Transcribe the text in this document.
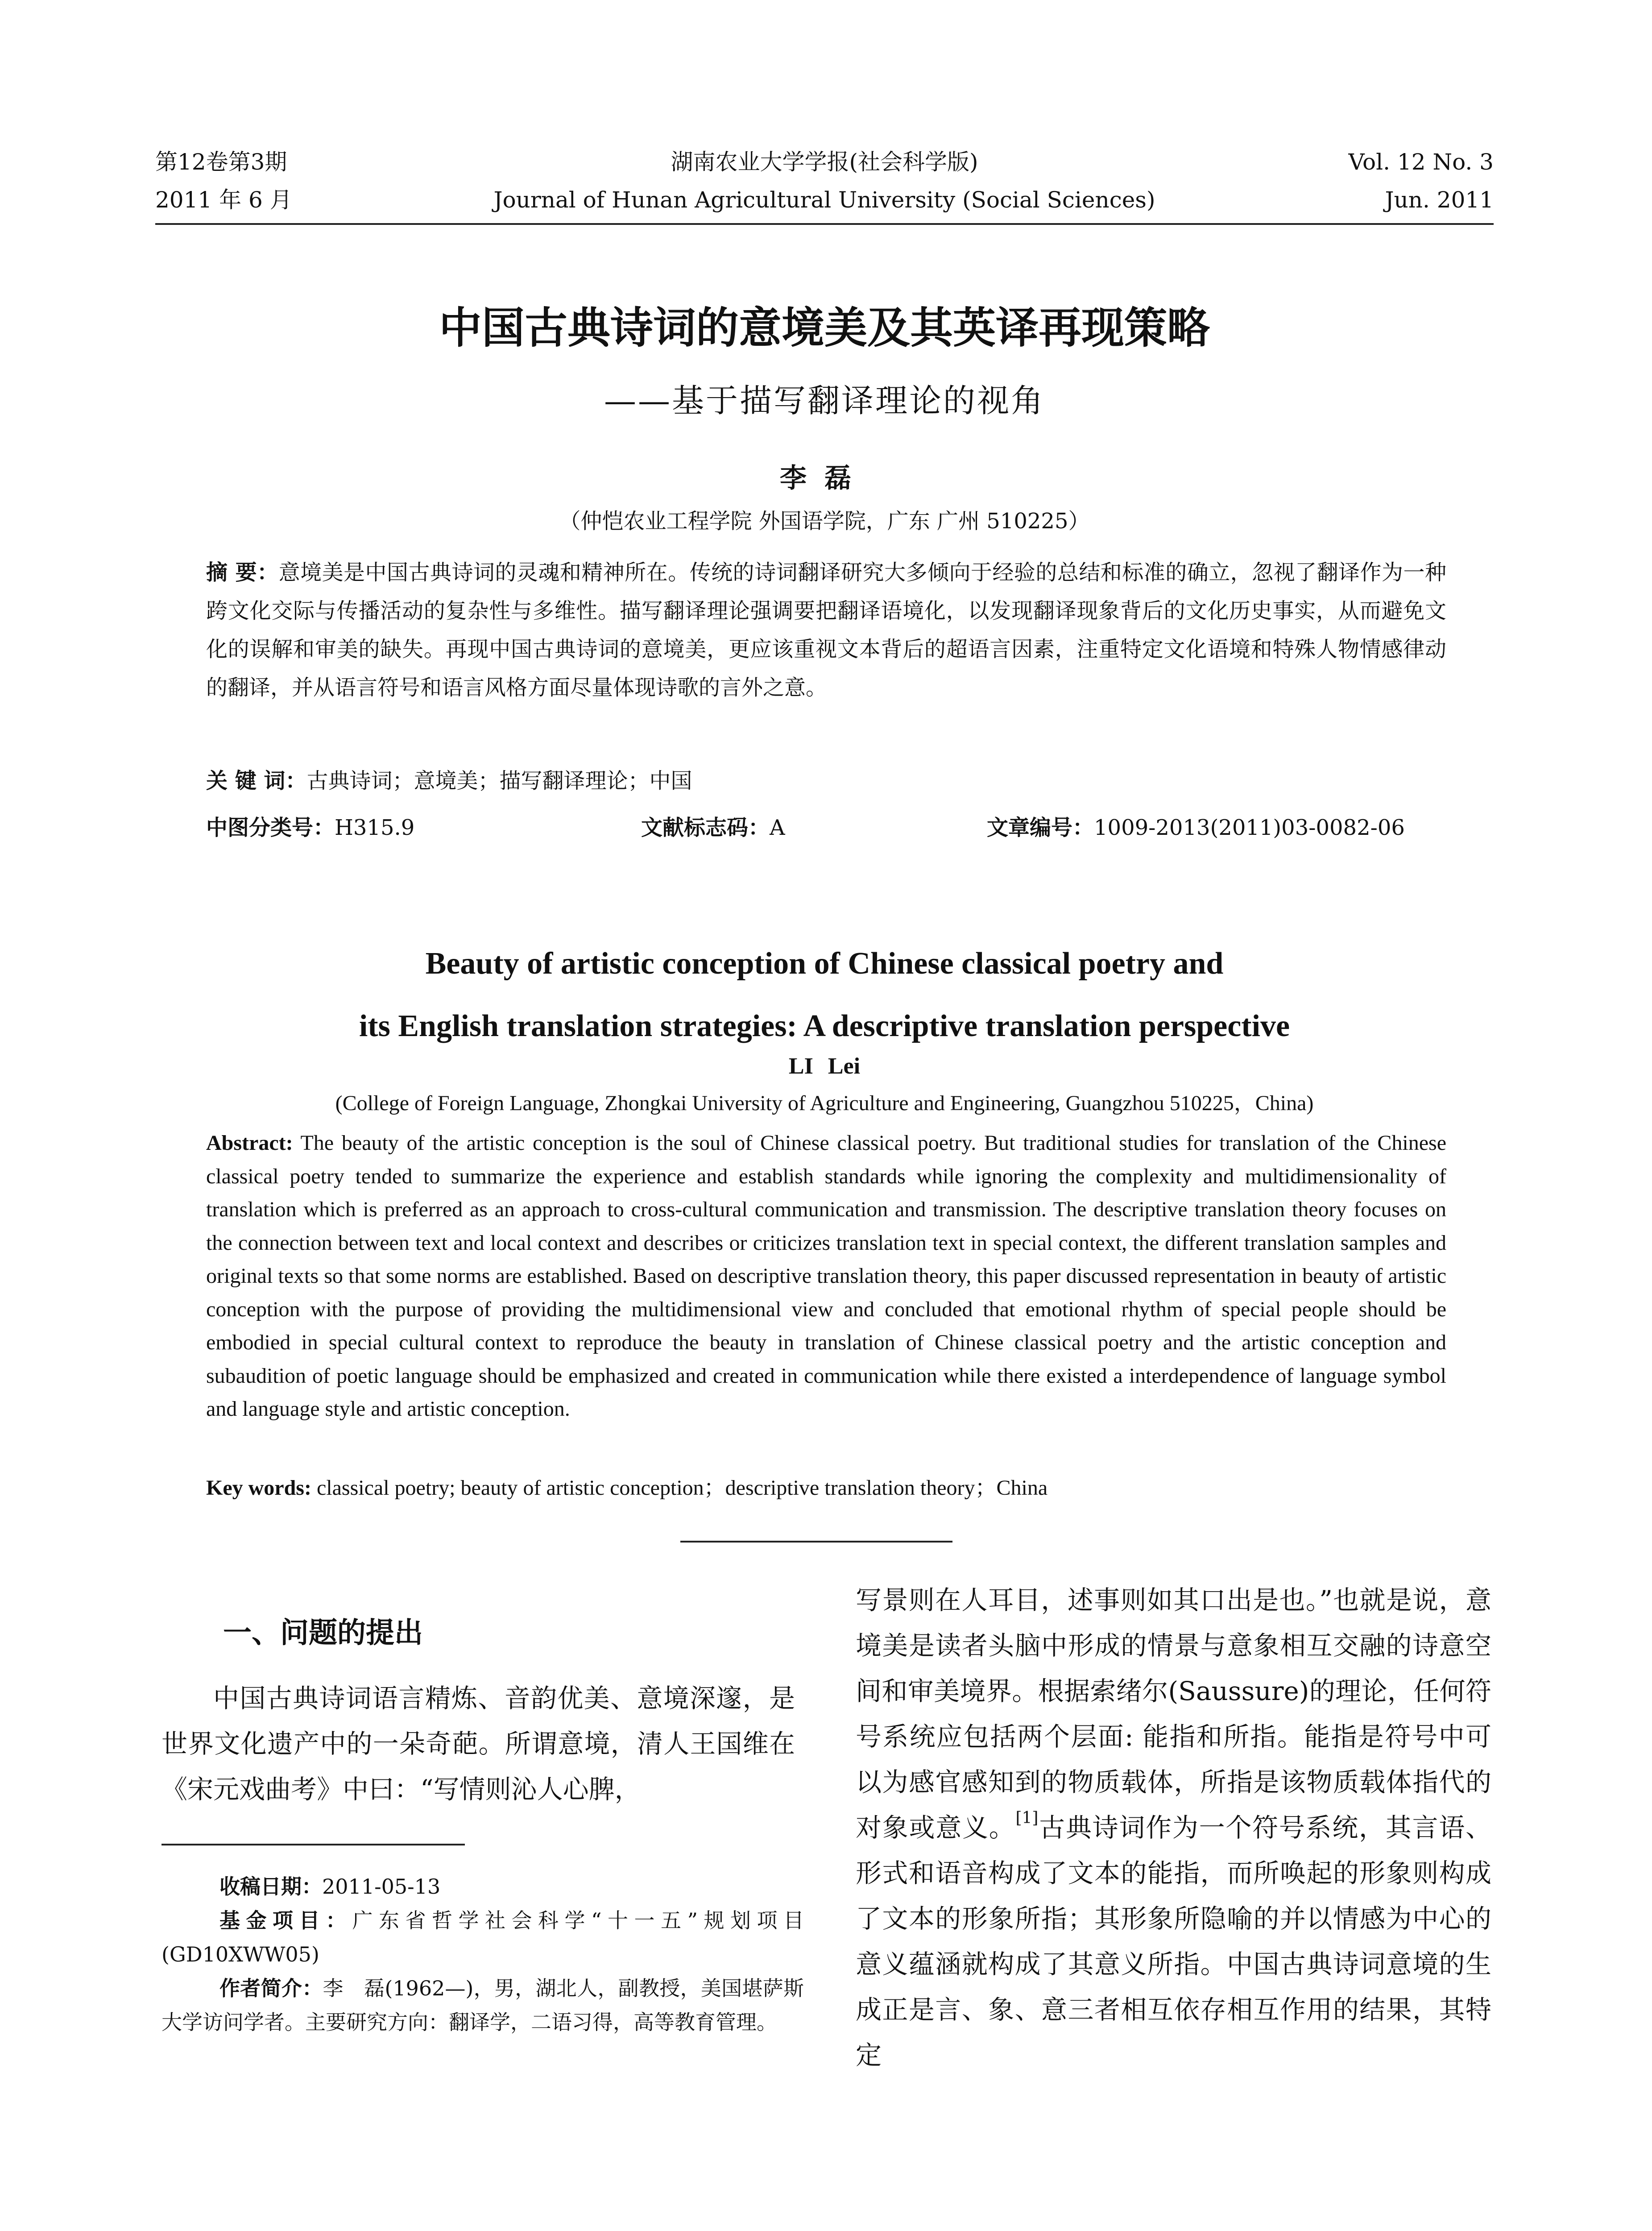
第12卷第3期	湖南农业大学学报(社会科学版)	Vol. 12 No. 3
2011 年 6 月	Journal of Hunan Agricultural University (Social Sciences)	Jun. 2011
中国古典诗词的意境美及其英译再现策略
——基于描写翻译理论的视角
李磊
（仲恺农业工程学院 外国语学院，广东 广州 510225）
摘 要：意境美是中国古典诗词的灵魂和精神所在。传统的诗词翻译研究大多倾向于经验的总结和标准的确立，忽视了翻译作为一种跨文化交际与传播活动的复杂性与多维性。描写翻译理论强调要把翻译语境化，以发现翻译现象背后的文化历史事实，从而避免文化的误解和审美的缺失。再现中国古典诗词的意境美，更应该重视文本背后的超语言因素，注重特定文化语境和特殊人物情感律动的翻译，并从语言符号和语言风格方面尽量体现诗歌的言外之意。
关 键 词：古典诗词；意境美；描写翻译理论；中国
中图分类号：H315.9	文献标志码：A	文章编号：1009-2013(2011)03-0082-06
Beauty of artistic conception of Chinese classical poetry and
its English translation strategies: A descriptive translation perspective
LI Lei
(College of Foreign Language, Zhongkai University of Agriculture and Engineering, Guangzhou 510225，China)
Abstract: The beauty of the artistic conception is the soul of Chinese classical poetry. But traditional studies for translation of the Chinese classical poetry tended to summarize the experience and establish standards while ignoring the complexity and multidimensionality of translation which is preferred as an approach to cross-cultural communication and transmission. The descriptive translation theory focuses on the connection between text and local context and describes or criticizes translation text in special context, the different translation samples and original texts so that some norms are established. Based on descriptive translation theory, this paper discussed representation in beauty of artistic conception with the purpose of providing the multidimensional view and concluded that emotional rhythm of special people should be embodied in special cultural context to reproduce the beauty in translation of Chinese classical poetry and the artistic conception and subaudition of poetic language should be emphasized and created in communication while there existed a interdependence of language symbol and language style and artistic conception.
Key words: classical poetry; beauty of artistic conception；descriptive translation theory；China
一、问题的提出
中国古典诗词语言精炼、音韵优美、意境深邃，是世界文化遗产中的一朵奇葩。所谓意境，清人王国维在《宋元戏曲考》中曰：“写情则沁人心脾，
写景则在人耳目，述事则如其口出是也。”也就是说，意境美是读者头脑中形成的情景与意象相互交融的诗意空间和审美境界。根据索绪尔(Saussure)的理论，任何符号系统应包括两个层面: 能指和所指。能指是符号中可以为感官感知到的物质载体，所指是该物质载体指代的对象或意义。[1]古典诗词作为一个符号系统，其言语、形式和语音构成了文本的能指，而所唤起的形象则构成了文本的形象所指；其形象所隐喻的并以情感为中心的意义蕴涵就构成了其意义所指。中国古典诗词意境的生成正是言、象、意三者相互依存相互作用的结果，其特定

收稿日期：2011-05-13

基金项目：广东省哲学社会科学“十一五”规划项目(GD10XWW05)

作者简介：李　磊(1962—)，男，湖北人，副教授，美国堪萨斯大学访问学者。主要研究方向：翻译学，二语习得，高等教育管理。
